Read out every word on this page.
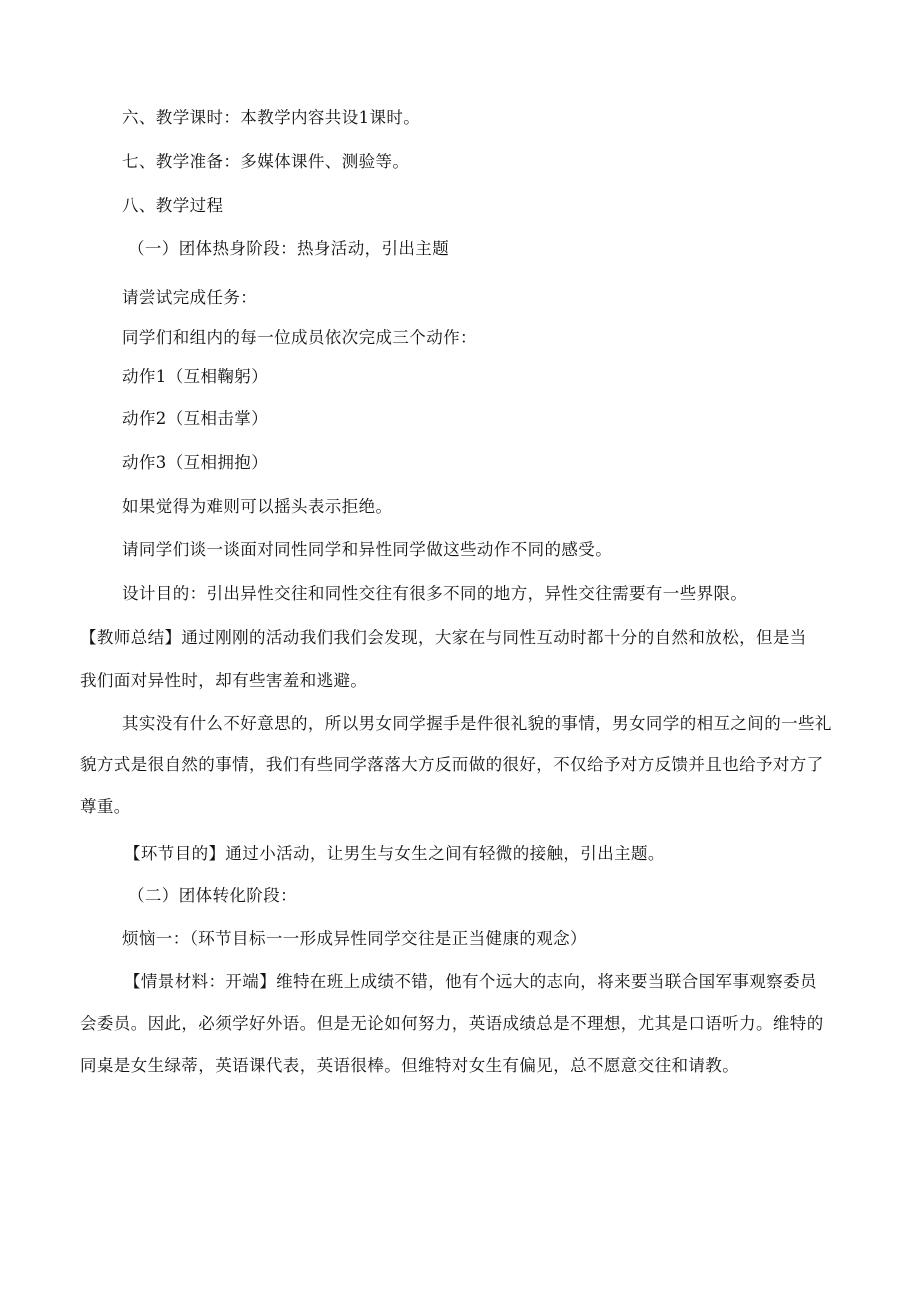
六、教学课时：本教学内容共设1课时。

七、教学准备：多媒体课件、测验等。

八、教学过程

（一）团体热身阶段：热身活动，引出主题

请尝试完成任务：

同学们和组内的每一位成员依次完成三个动作：

动作1（互相鞠躬）

动作2（互相击掌）

动作3（互相拥抱）

如果觉得为难则可以摇头表示拒绝。

请同学们谈一谈面对同性同学和异性同学做这些动作不同的感受。

设计目的：引出异性交往和同性交往有很多不同的地方，异性交往需要有一些界限。

【教师总结】通过刚刚的活动我们我们会发现，大家在与同性互动时都十分的自然和放松，但是当

我们面对异性时，却有些害羞和逃避。

其实没有什么不好意思的，所以男女同学握手是件很礼貌的事情，男女同学的相互之间的一些礼

貌方式是很自然的事情，我们有些同学落落大方反而做的很好，不仅给予对方反馈并且也给予对方了

尊重。

【环节目的】通过小活动，让男生与女生之间有轻微的接触，引出主题。

（二）团体转化阶段：

烦恼一：（环节目标一一形成异性同学交往是正当健康的观念）

【情景材料：开端】维特在班上成绩不错，他有个远大的志向，将来要当联合国军事观察委员

会委员。因此，必须学好外语。但是无论如何努力，英语成绩总是不理想，尤其是口语听力。维特的

同桌是女生绿蒂，英语课代表，英语很棒。但维特对女生有偏见，总不愿意交往和请教。
